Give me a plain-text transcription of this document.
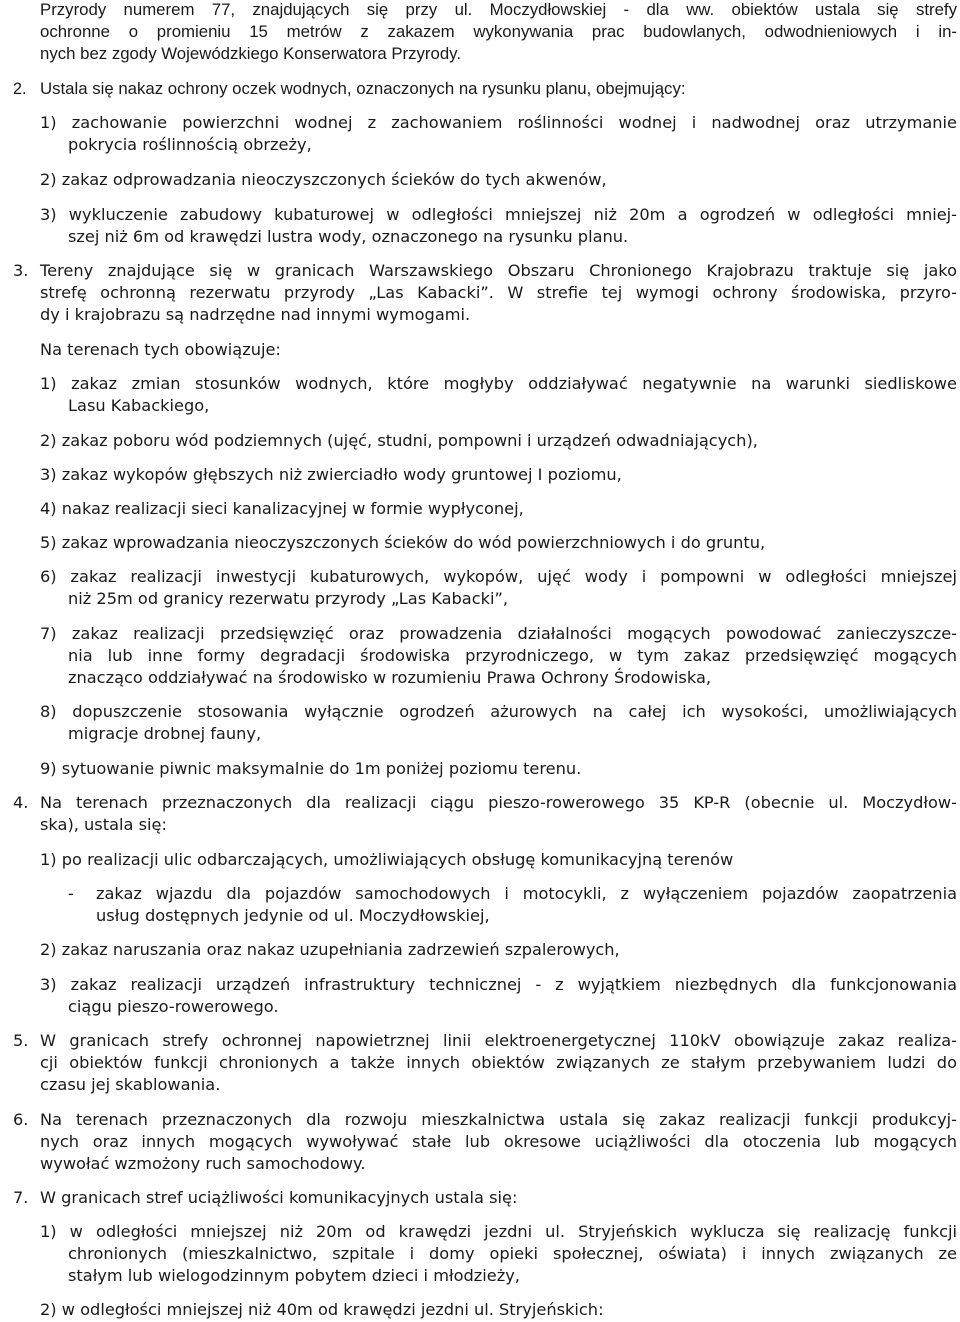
Przyrody numerem 77, znajdujących się przy ul. Moczydłowskiej - dla ww. obiektów ustala się strefy
ochronne o promieniu 15 metrów z zakazem wykonywania prac budowlanych, odwodnieniowych i in-
nych bez zgody Wojewódzkiego Konserwatora Przyrody.
2. Ustala się nakaz ochrony oczek wodnych, oznaczonych na rysunku planu, obejmujący:
1) zachowanie powierzchni wodnej z zachowaniem roślinności wodnej i nadwodnej oraz utrzymanie
pokrycia roślinnością obrzeży,
2) zakaz odprowadzania nieoczyszczonych ścieków do tych akwenów,
3) wykluczenie zabudowy kubaturowej w odległości mniejszej niż 20m a ogrodzeń w odległości mniej-
szej niż 6m od krawędzi lustra wody, oznaczonego na rysunku planu.
3. Tereny znajdujące się w granicach Warszawskiego Obszaru Chronionego Krajobrazu traktuje się jako
strefę ochronną rezerwatu przyrody „Las Kabacki”. W strefie tej wymogi ochrony środowiska, przyro-
dy i krajobrazu są nadrzędne nad innymi wymogami.
Na terenach tych obowiązuje:
1) zakaz zmian stosunków wodnych, które mogłyby oddziaływać negatywnie na warunki siedliskowe
Lasu Kabackiego,
2) zakaz poboru wód podziemnych (ujęć, studni, pompowni i urządzeń odwadniających),
3) zakaz wykopów głębszych niż zwierciadło wody gruntowej I poziomu,
4) nakaz realizacji sieci kanalizacyjnej w formie wypłyconej,
5) zakaz wprowadzania nieoczyszczonych ścieków do wód powierzchniowych i do gruntu,
6) zakaz realizacji inwestycji kubaturowych, wykopów, ujęć wody i pompowni w odległości mniejszej
niż 25m od granicy rezerwatu przyrody „Las Kabacki”,
7) zakaz realizacji przedsięwzięć oraz prowadzenia działalności mogących powodować zanieczyszcze-
nia lub inne formy degradacji środowiska przyrodniczego, w tym zakaz przedsięwzięć mogących
znacząco oddziaływać na środowisko w rozumieniu Prawa Ochrony Środowiska,
8) dopuszczenie stosowania wyłącznie ogrodzeń ażurowych na całej ich wysokości, umożliwiających
migracje drobnej fauny,
9) sytuowanie piwnic maksymalnie do 1m poniżej poziomu terenu.
4. Na terenach przeznaczonych dla realizacji ciągu pieszo-rowerowego 35 KP-R (obecnie ul. Moczydłow-
ska), ustala się:
1) po realizacji ulic odbarczających, umożliwiających obsługę komunikacyjną terenów
- zakaz wjazdu dla pojazdów samochodowych i motocykli, z wyłączeniem pojazdów zaopatrzenia
usług dostępnych jedynie od ul. Moczydłowskiej,
2) zakaz naruszania oraz nakaz uzupełniania zadrzewień szpalerowych,
3) zakaz realizacji urządzeń infrastruktury technicznej - z wyjątkiem niezbędnych dla funkcjonowania
ciągu pieszo-rowerowego.
5. W granicach strefy ochronnej napowietrznej linii elektroenergetycznej 110kV obowiązuje zakaz realiza-
cji obiektów funkcji chronionych a także innych obiektów związanych ze stałym przebywaniem ludzi do
czasu jej skablowania.
6. Na terenach przeznaczonych dla rozwoju mieszkalnictwa ustala się zakaz realizacji funkcji produkcyj-
nych oraz innych mogących wywoływać stałe lub okresowe uciążliwości dla otoczenia lub mogących
wywołać wzmożony ruch samochodowy.
7. W granicach stref uciążliwości komunikacyjnych ustala się:
1) w odległości mniejszej niż 20m od krawędzi jezdni ul. Stryjeńskich wyklucza się realizację funkcji
chronionych (mieszkalnictwo, szpitale i domy opieki społecznej, oświata) i innych związanych ze
stałym lub wielogodzinnym pobytem dzieci i młodzieży,
2) w odległości mniejszej niż 40m od krawędzi jezdni ul. Stryjeńskich:
